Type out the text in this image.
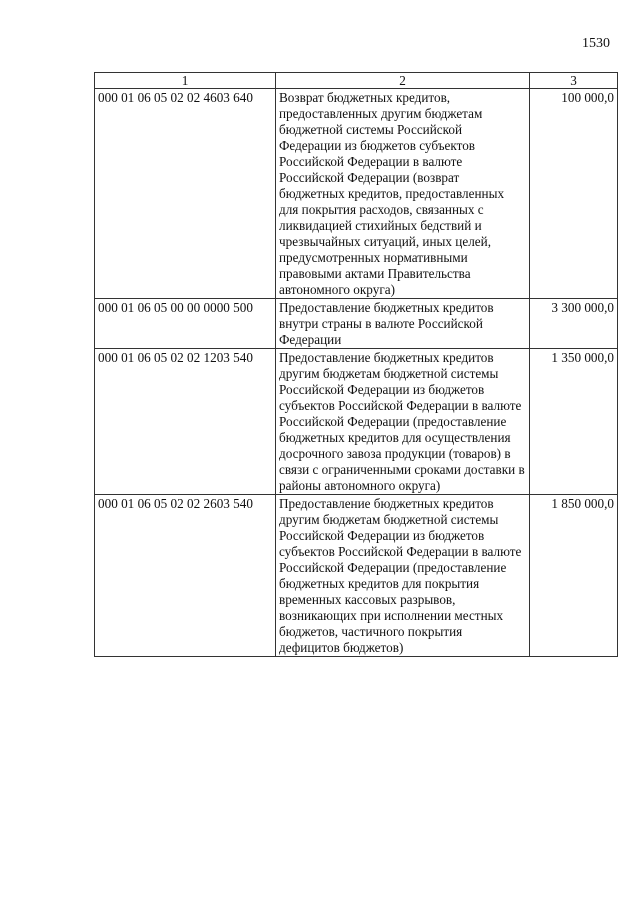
1530
1	2	3
000 01 06 05 02 02 4603 640	Возврат бюджетных кредитов, предоставленных другим бюджетам бюджетной системы Российской Федерации из бюджетов субъектов Российской Федерации в валюте Российской Федерации (возврат бюджетных кредитов, предоставленных для покрытия расходов, связанных с ликвидацией стихийных бедствий и чрезвычайных ситуаций, иных целей, предусмотренных нормативными правовыми актами Правительства автономного округа)	100 000,0
000 01 06 05 00 00 0000 500	Предоставление бюджетных кредитов внутри страны в валюте Российской Федерации	3 300 000,0
000 01 06 05 02 02 1203 540	Предоставление бюджетных кредитов другим бюджетам бюджетной системы Российской Федерации из бюджетов субъектов Российской Федерации в валюте Российской Федерации (предоставление бюджетных кредитов для осуществления досрочного завоза продукции (товаров) в связи с ограниченными сроками доставки в районы автономного округа)	1 350 000,0
000 01 06 05 02 02 2603 540	Предоставление бюджетных кредитов другим бюджетам бюджетной системы Российской Федерации из бюджетов субъектов Российской Федерации в валюте Российской Федерации (предоставление бюджетных кредитов для покрытия временных кассовых разрывов, возникающих при исполнении местных бюджетов, частичного покрытия дефицитов бюджетов)	1 850 000,0
